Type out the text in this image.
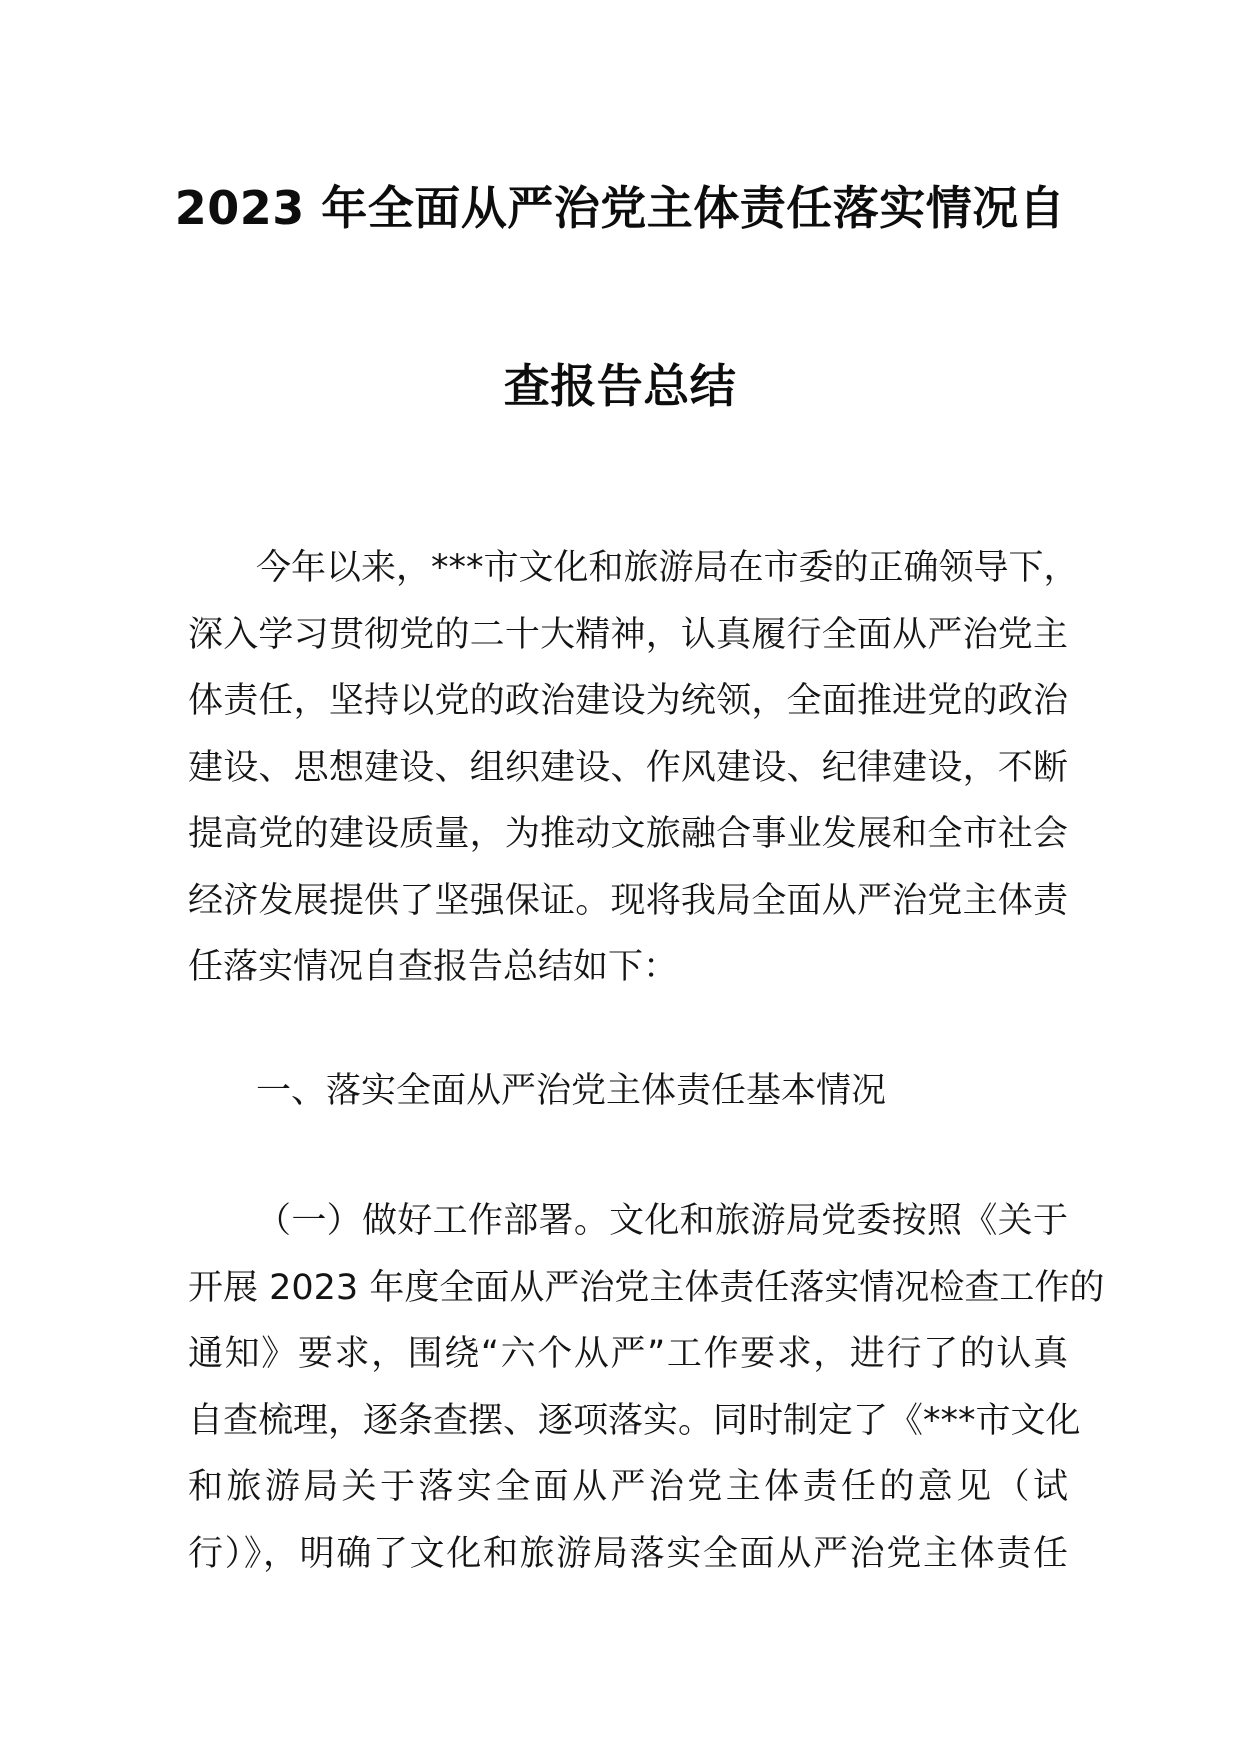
2023 年全面从严治党主体责任落实情况自
查报告总结
今年以来，***市文化和旅游局在市委的正确领导下，
深入学习贯彻党的二十大精神，认真履行全面从严治党主
体责任，坚持以党的政治建设为统领，全面推进党的政治
建设、思想建设、组织建设、作风建设、纪律建设，不断
提高党的建设质量，为推动文旅融合事业发展和全市社会
经济发展提供了坚强保证。现将我局全面从严治党主体责
任落实情况自查报告总结如下：
一、落实全面从严治党主体责任基本情况
（一）做好工作部署。文化和旅游局党委按照《关于
开展 2023 年度全面从严治党主体责任落实情况检查工作的
通知》要求，围绕“六个从严”工作要求，进行了的认真
自查梳理，逐条查摆、逐项落实。同时制定了《***市文化
和旅游局关于落实全面从严治党主体责任的意见（试
行）》，明确了文化和旅游局落实全面从严治党主体责任
